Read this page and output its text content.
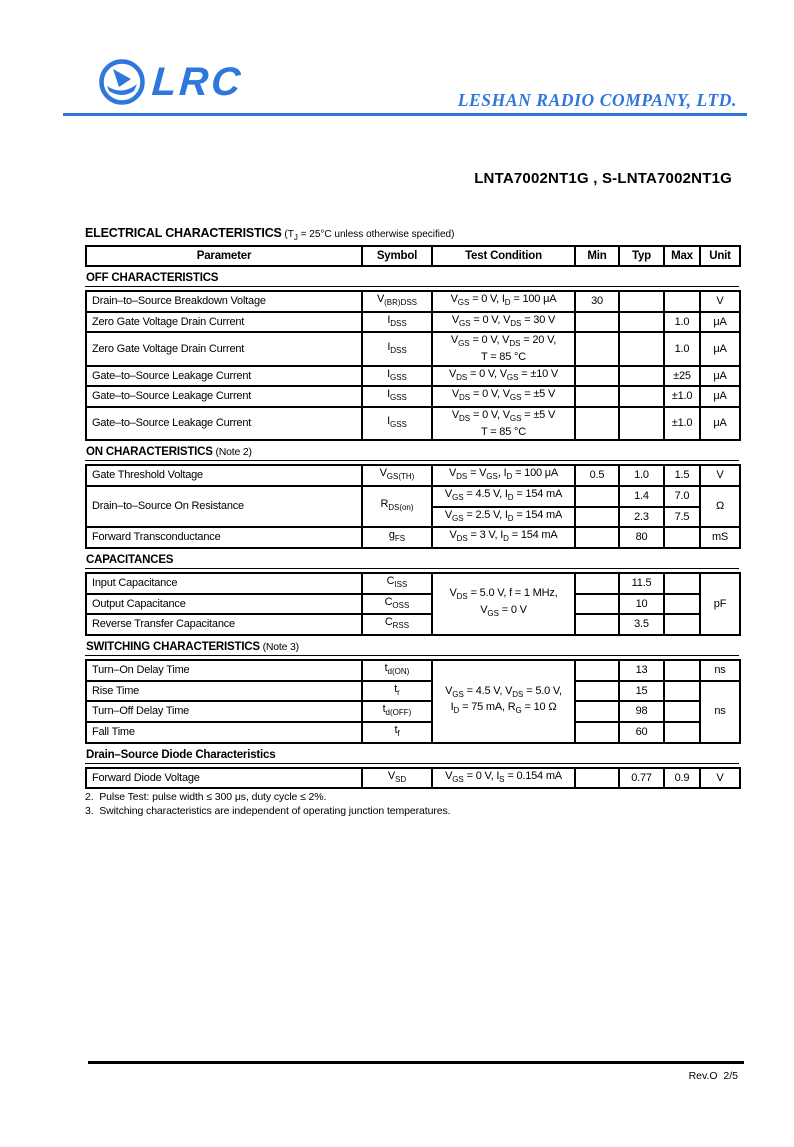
LRC	LESHAN RADIO COMPANY, LTD.
LNTA7002NT1G , S-LNTA7002NT1G
ELECTRICAL CHARACTERISTICS ($T_J = 25^\circ C$ unless otherwise specified)
Parameter	Symbol	Test Condition	Min	Typ	Max	Unit
OFF CHARACTERISTICS
Drain–to–Source Breakdown Voltage	$V_{(BR)DSS}$	$V_{GS} = 0$ V, $I_D = 100$ μA	30			V
Zero Gate Voltage Drain Current	$I_{DSS}$	$V_{GS} = 0$ V, $V_{DS} = 30$ V			1.0	μA
Zero Gate Voltage Drain Current	$I_{DSS}$	$V_{GS} = 0$ V, $V_{DS} = 20$ V,
T = 85 °C			1.0	μA
Gate–to–Source Leakage Current	$I_{GSS}$	$V_{DS} = 0$ V, $V_{GS} = \pm 10$ V			±25	μA
Gate–to–Source Leakage Current	$I_{GSS}$	$V_{DS} = 0$ V, $V_{GS} = \pm 5$ V			±1.0	μA
Gate–to–Source Leakage Current	$I_{GSS}$	$V_{DS} = 0$ V, $V_{GS} = \pm 5$ V
T = 85 °C			±1.0	μA
ON CHARACTERISTICS (Note 2)
Gate Threshold Voltage	$V_{GS(TH)}$	$V_{DS} = V_{GS}$, $I_D = 100$ μA	0.5	1.0	1.5	V
Drain–to–Source On Resistance	$R_{DS(on)}$	$V_{GS} = 4.5$ V, $I_D = 154$ mA		1.4	7.0	Ω
		$V_{GS} = 2.5$ V, $I_D = 154$ mA		2.3	7.5	
Forward Transconductance	$g_{FS}$	$V_{DS} = 3$ V, $I_D = 154$ mA		80		mS
CAPACITANCES
Input Capacitance	$C_{ISS}$	$V_{DS} = 5.0$ V, f = 1 MHz,
$V_{GS} = 0$ V		11.5		pF
Output Capacitance	$C_{OSS}$			10		
Reverse Transfer Capacitance	$C_{RSS}$			3.5		
SWITCHING CHARACTERISTICS (Note 3)
Turn–On Delay Time	$t_{d(ON)}$	$V_{GS} = 4.5$ V, $V_{DS} = 5.0$ V,
$I_D = 75$ mA, $R_G = 10$ Ω		13		ns
Rise Time	$t_r$			15		ns
Turn–Off Delay Time	$t_{d(OFF)}$			98		
Fall Time	$t_f$			60		
Drain–Source Diode Characteristics
Forward Diode Voltage	$V_{SD}$	$V_{GS} = 0$ V, $I_S = 0.154$ mA		0.77	0.9	V
2.  Pulse Test: pulse width ≤ 300 μs, duty cycle ≤ 2%.
3.  Switching characteristics are independent of operating junction temperatures.
Rev.O  2/5
